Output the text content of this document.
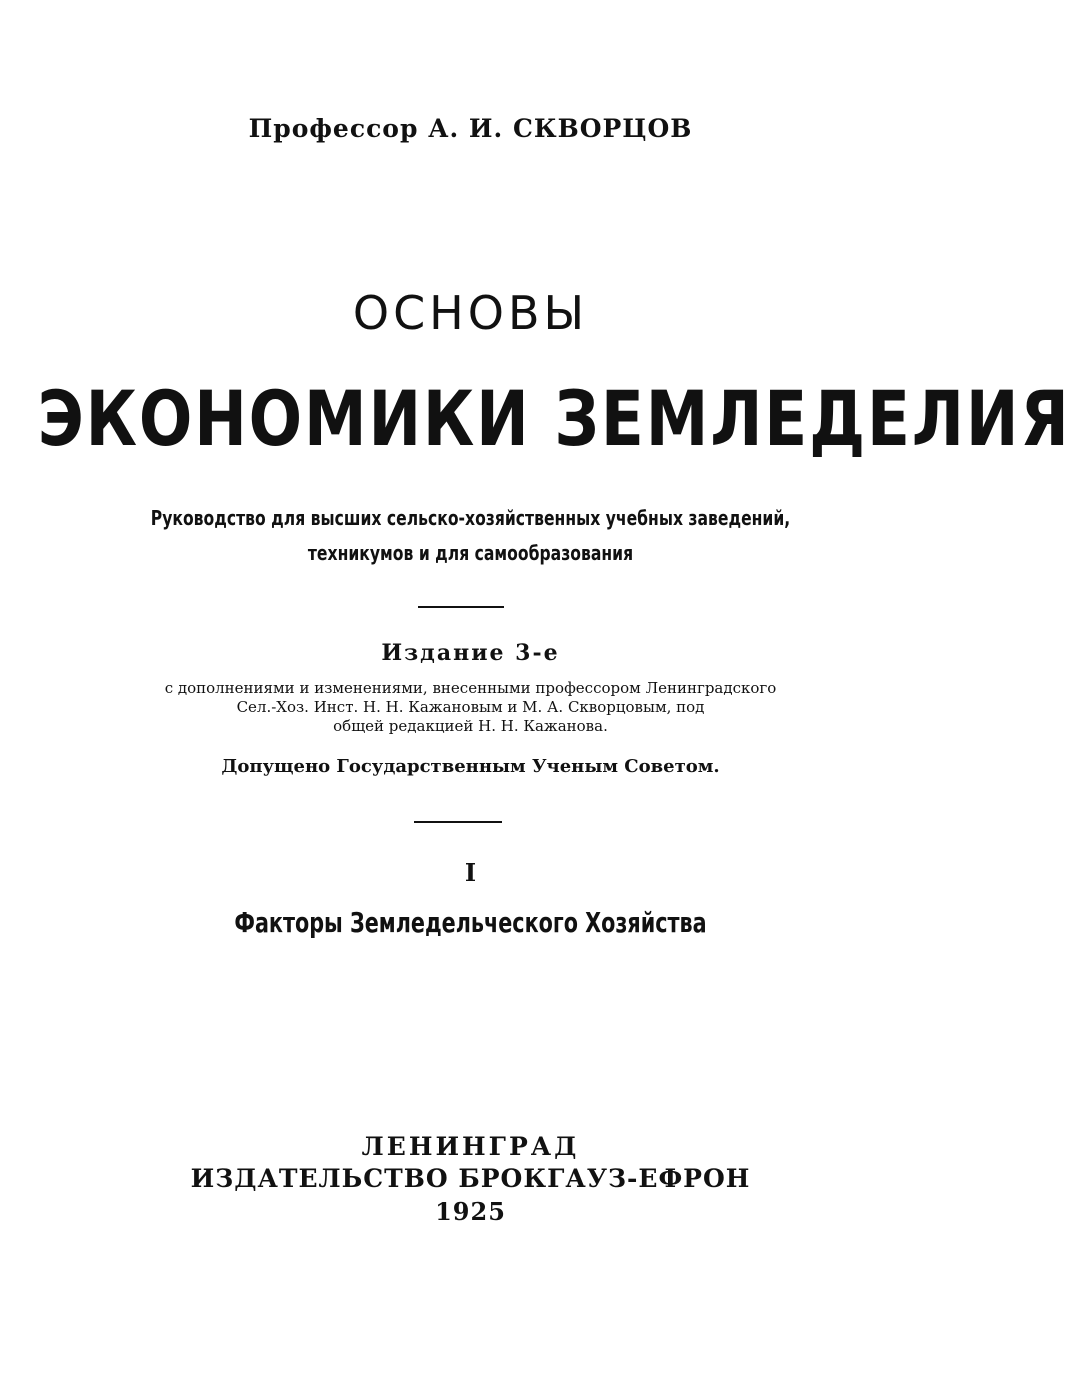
Профессор А. И. СКВОРЦОВ
ОСНОВЫ
ЭКОНОМИКИ ЗЕМЛЕДЕЛИЯ
Руководство для высших сельско-хозяйственных учебных заведений,
техникумов и для самообразования
Издание 3-е
с дополнениями и изменениями, внесенными профессором Ленинградского
Сел.-Хоз. Инст. Н. Н. Кажановым и М. А. Скворцовым, под
общей редакцией Н. Н. Кажанова.
Допущено Государственным Ученым Советом.
I
Факторы Земледельческого Хозяйства
ЛЕНИНГРАД
ИЗДАТЕЛЬСТВО БРОКГАУЗ-ЕФРОН
1925
